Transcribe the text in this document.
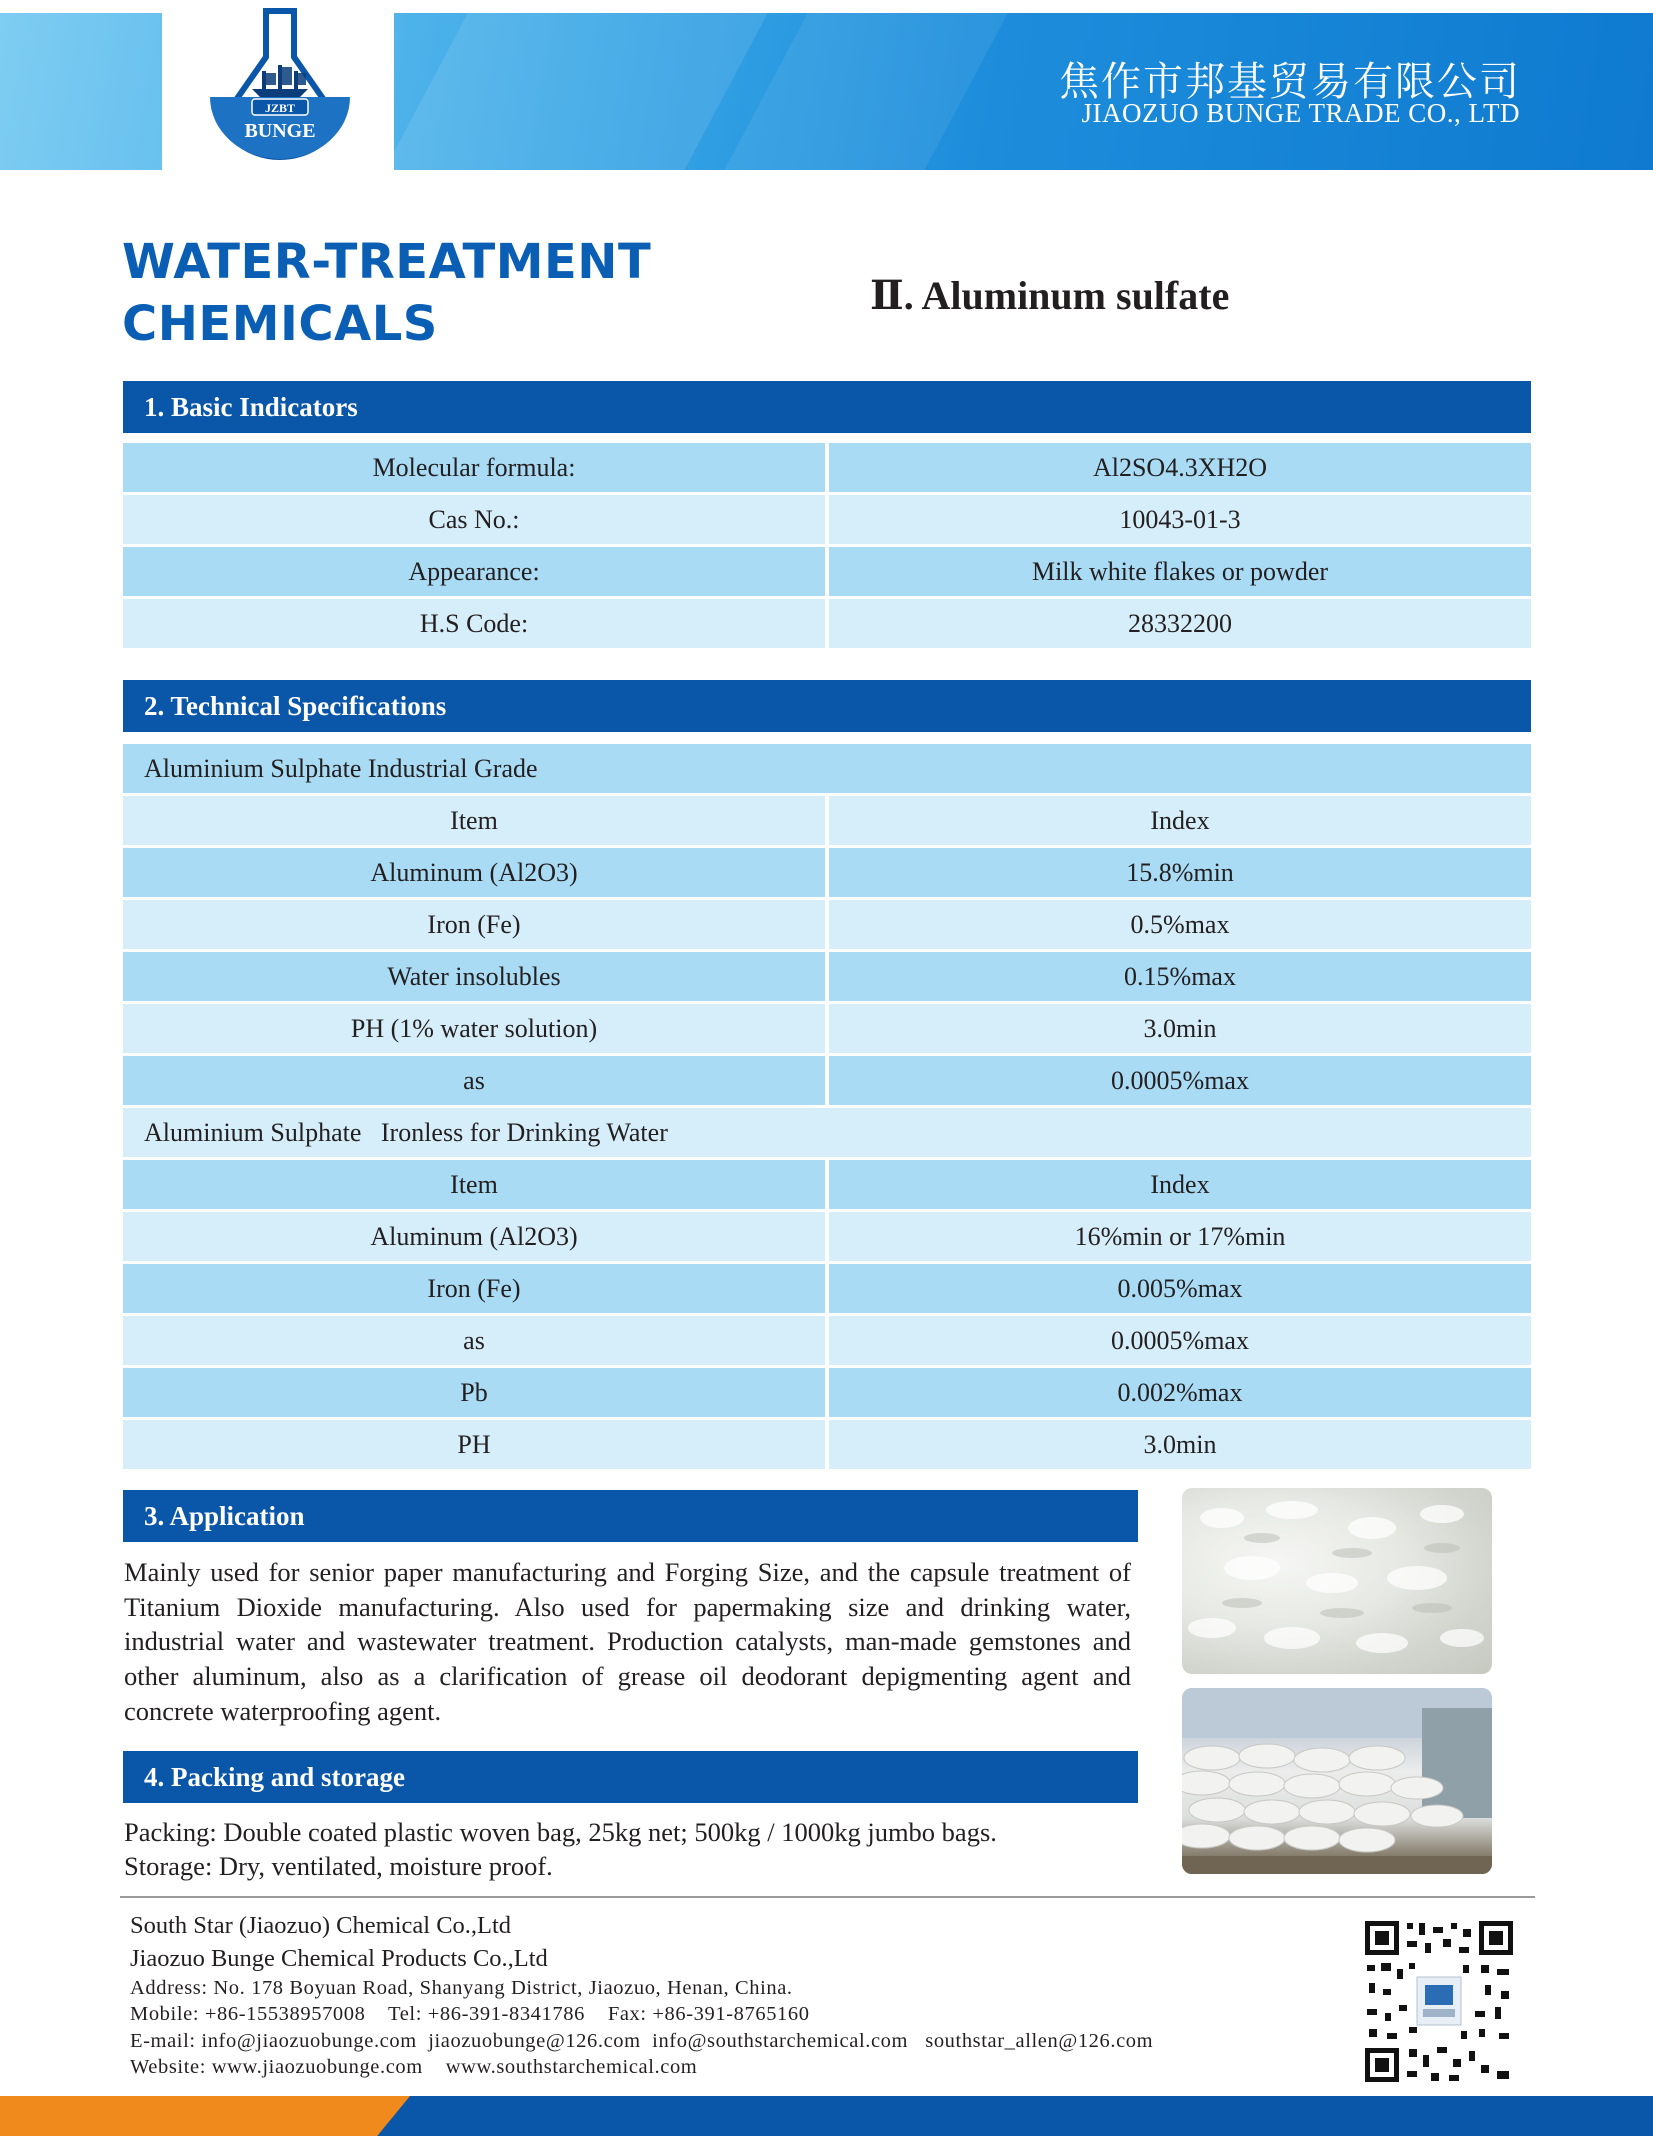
JZBT
BUNGE
焦作市邦基贸易有限公司
JIAOZUO BUNGE TRADE CO., LTD
WATER-TREATMENT
CHEMICALS
Ⅱ. Aluminum sulfate
1. Basic Indicators
Molecular formula:	Al2SO4.3XH2O
Cas No.:	10043-01-3
Appearance:	Milk white flakes or powder
H.S Code:	28332200
2. Technical Specifications
Aluminium Sulphate Industrial Grade
Item	Index
Aluminum (Al2O3)	15.8%min
Iron (Fe)	0.5%max
Water insolubles	0.15%max
PH (1% water solution)	3.0min
as	0.0005%max
Aluminium Sulphate   Ironless for Drinking Water
Item	Index
Aluminum (Al2O3)	16%min or 17%min
Iron (Fe)	0.005%max
as	0.0005%max
Pb	0.002%max
PH	3.0min
3. Application
Mainly used for senior paper manufacturing and Forging Size, and the capsule treatment of Titanium Dioxide manufacturing. Also used for papermaking size and drinking water, industrial water and wastewater treatment. Production catalysts, man-made gemstones and other aluminum, also as a clarification of grease oil deodorant depigmenting agent and concrete waterproofing agent.
4. Packing and storage
Packing: Double coated plastic woven bag, 25kg net; 500kg / 1000kg jumbo bags.
Storage: Dry, ventilated, moisture proof.
South Star (Jiaozuo) Chemical Co.,Ltd
Jiaozuo Bunge Chemical Products Co.,Ltd
Address: No. 178 Boyuan Road, Shanyang District, Jiaozuo, Henan, China.
Mobile: +86-15538957008    Tel: +86-391-8341786    Fax: +86-391-8765160
E-mail: info@jiaozuobunge.com  jiaozuobunge@126.com  info@southstarchemical.com   southstar_allen@126.com
Website: www.jiaozuobunge.com    www.southstarchemical.com
